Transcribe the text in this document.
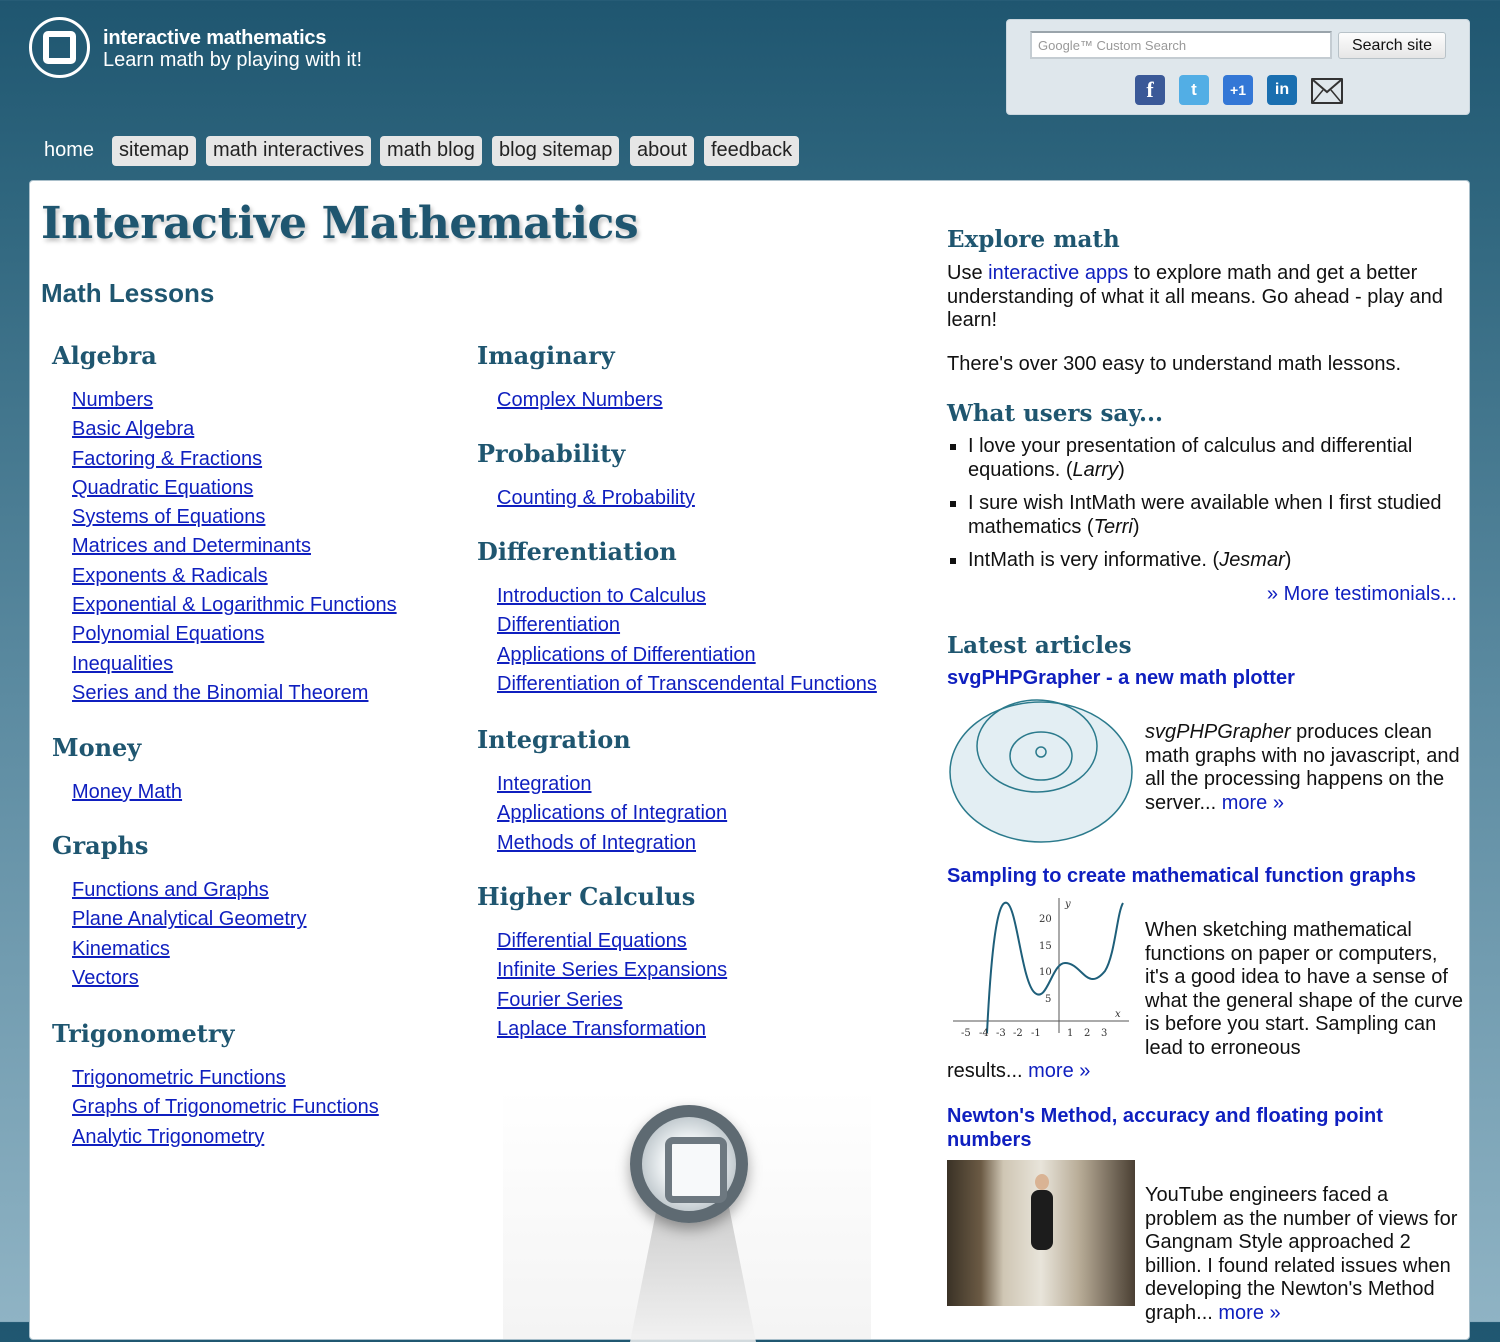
interactive mathematics
Learn math by playing with it!
Google™ Custom Search
Search site
f	t	+1	in
home	sitemap	math interactives	math blog	blog sitemap	about	feedback
Interactive Mathematics
Math Lessons
Algebra
Numbers
Basic Algebra
Factoring & Fractions
Quadratic Equations
Systems of Equations
Matrices and Determinants
Exponents & Radicals
Exponential & Logarithmic Functions
Polynomial Equations
Inequalities
Series and the Binomial Theorem
Money
Money Math
Graphs
Functions and Graphs
Plane Analytical Geometry
Kinematics
Vectors
Trigonometry
Trigonometric Functions
Graphs of Trigonometric Functions
Analytic Trigonometry
Imaginary
Complex Numbers
Probability
Counting & Probability
Differentiation
Introduction to Calculus
Differentiation
Applications of Differentiation
Differentiation of Transcendental Functions
Integration
Integration
Applications of Integration
Methods of Integration
Higher Calculus
Differential Equations
Infinite Series Expansions
Fourier Series
Laplace Transformation
Explore math

Use interactive apps to explore math and get a better understanding of what it all means. Go ahead - play and learn!

There's over 300 easy to understand math lessons.

What users say...
▪ I love your presentation of calculus and differential equations. (Larry)
▪ I sure wish IntMath were available when I first studied mathematics (Terri)
▪ IntMath is very informative. (Jesmar)
» More testimonials...
Latest articles
svgPHPGrapher - a new math plotter

svgPHPGrapher produces clean math graphs with no javascript, and all the processing happens on the server... more »

Sampling to create mathematical function graphs
-5 -4 -3 -2 -1	1 2 3
20
15
10
5
x
y

When sketching mathematical functions on paper or computers, it's a good idea to have a sense of what the general shape of the curve is before you start. Sampling can lead to erroneous

results... more »

Newton's Method, accuracy and floating point numbers

YouTube engineers faced a problem as the number of views for Gangnam Style approached 2 billion. I found related issues when developing the Newton's Method graph... more »
